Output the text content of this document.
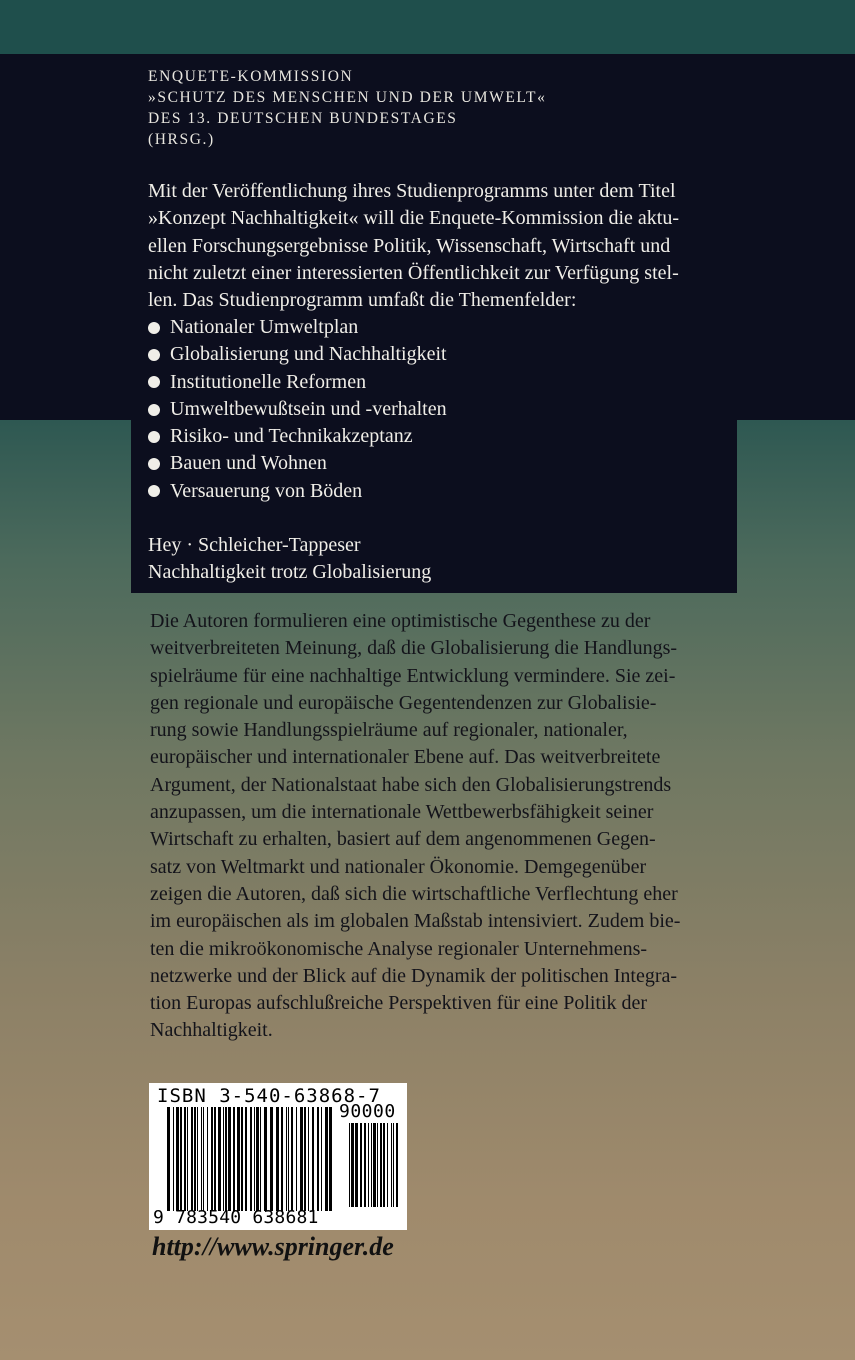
ENQUETE-KOMMISSION
»SCHUTZ DES MENSCHEN UND DER UMWELT«
DES 13. DEUTSCHEN BUNDESTAGES
(HRSG.)
Mit der Veröffentlichung ihres Studienprogramms unter dem Titel
»Konzept Nachhaltigkeit« will die Enquete-Kommission die aktu-
ellen Forschungsergebnisse Politik, Wissenschaft, Wirtschaft und
nicht zuletzt einer interessierten Öffentlichkeit zur Verfügung stel-
len. Das Studienprogramm umfaßt die Themenfelder:
Nationaler Umweltplan
Globalisierung und Nachhaltigkeit
Institutionelle Reformen
Umweltbewußtsein und -verhalten
Risiko- und Technikakzeptanz
Bauen und Wohnen
Versauerung von Böden
Hey · Schleicher-Tappeser
Nachhaltigkeit trotz Globalisierung
Die Autoren formulieren eine optimistische Gegenthese zu der
weitverbreiteten Meinung, daß die Globalisierung die Handlungs-
spielräume für eine nachhaltige Entwicklung vermindere. Sie zei-
gen regionale und europäische Gegentendenzen zur Globalisie-
rung sowie Handlungsspielräume auf regionaler, nationaler,
europäischer und internationaler Ebene auf. Das weitverbreitete
Argument, der Nationalstaat habe sich den Globalisierungstrends
anzupassen, um die internationale Wettbewerbsfähigkeit seiner
Wirtschaft zu erhalten, basiert auf dem angenommenen Gegen-
satz von Weltmarkt und nationaler Ökonomie. Demgegenüber
zeigen die Autoren, daß sich die wirtschaftliche Verflechtung eher
im europäischen als im globalen Maßstab intensiviert. Zudem bie-
ten die mikroökonomische Analyse regionaler Unternehmens-
netzwerke und der Blick auf die Dynamik der politischen Integra-
tion Europas aufschlußreiche Perspektiven für eine Politik der
Nachhaltigkeit.
ISBN 3-540-63868-7
90000
9 783540 638681
http://www.springer.de
